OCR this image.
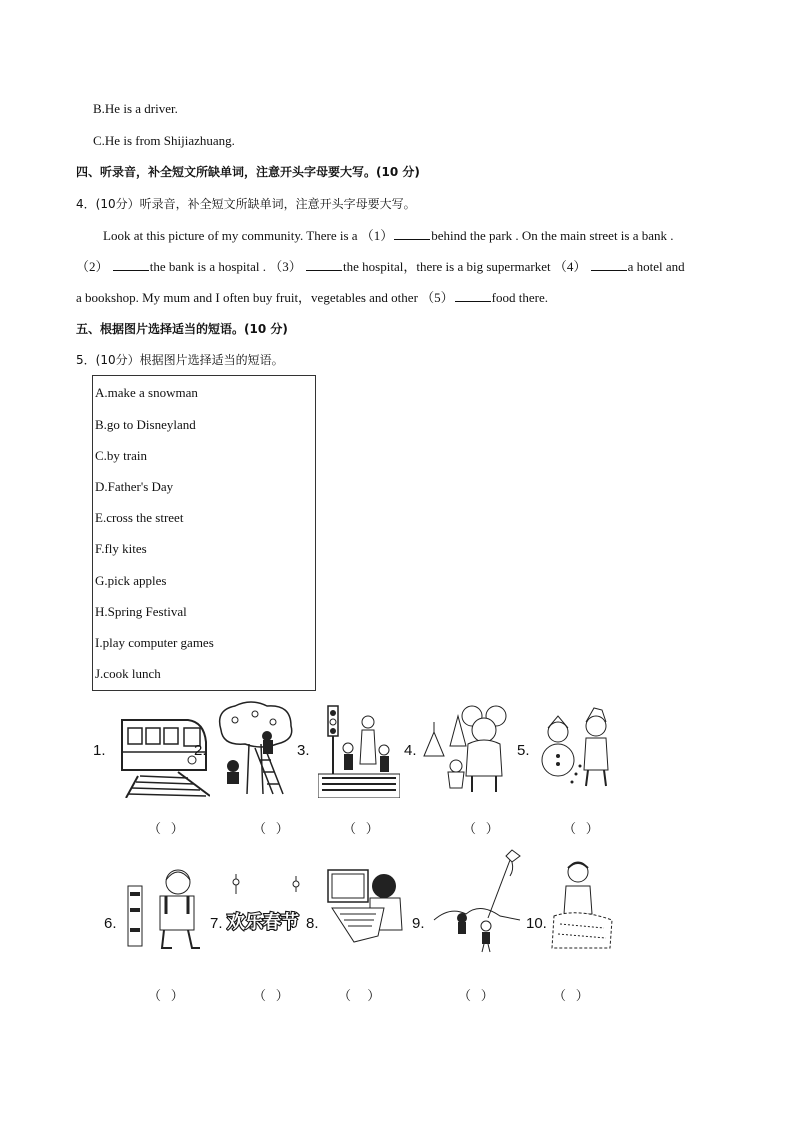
B.He is a driver.
C.He is from Shijiazhuang.
四、听录音，补全短文所缺单词，注意开头字母要大写。(10 分)
4．(10分）听录音，补全短文所缺单词，注意开头字母要大写。
Look at this picture of my community. There is a （1）	behind the park . On the main street is a bank .
（2）	the bank is a hospital . （3）	the hospital，there is a big supermarket （4）	a hotel and
a bookshop. My mum and I often buy fruit，vegetables and other （5）	food there.
五、根据图片选择适当的短语。(10 分)
5．(10分）根据图片选择适当的短语。
A.make a snowman
B.go to Disneyland
C.by train
D.Father's Day
E.cross the street
F.fly kites
G.pick apples
H.Spring Festival
I.play computer games
J.cook lunch
1.
（   ）
2.
（   ）
3.
（   ）
4.
（   ）
5.
（   ）
6.
（   ）
7. 欢乐春节
（   ）
8.
（     ）
9.
（   ）
10.
（   ）
